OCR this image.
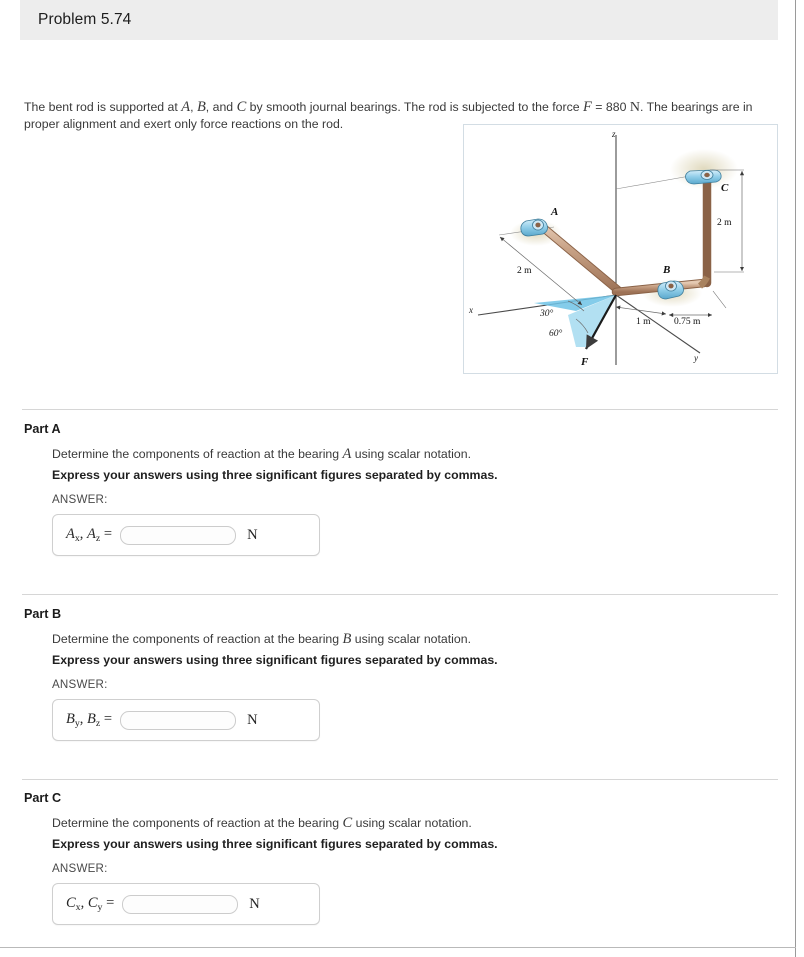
Problem 5.74
The bent rod is supported at A, B, and C by smooth journal bearings. The rod is subjected to the force F = 880 N. The bearings are in proper alignment and exert only force reactions on the rod.
z
x
y
A
B
C
F
30°
60°
2 m
2 m
1 m 0.75 m
Part A
Determine the components of reaction at the bearing A using scalar notation.
Express your answers using three significant figures separated by commas.
ANSWER:
$A_x$, $A_z$ =	N
Part B
Determine the components of reaction at the bearing B using scalar notation.
Express your answers using three significant figures separated by commas.
ANSWER:
$B_y$, $B_z$ =	N
Part C
Determine the components of reaction at the bearing C using scalar notation.
Express your answers using three significant figures separated by commas.
ANSWER:
$C_x$, $C_y$ =	N
